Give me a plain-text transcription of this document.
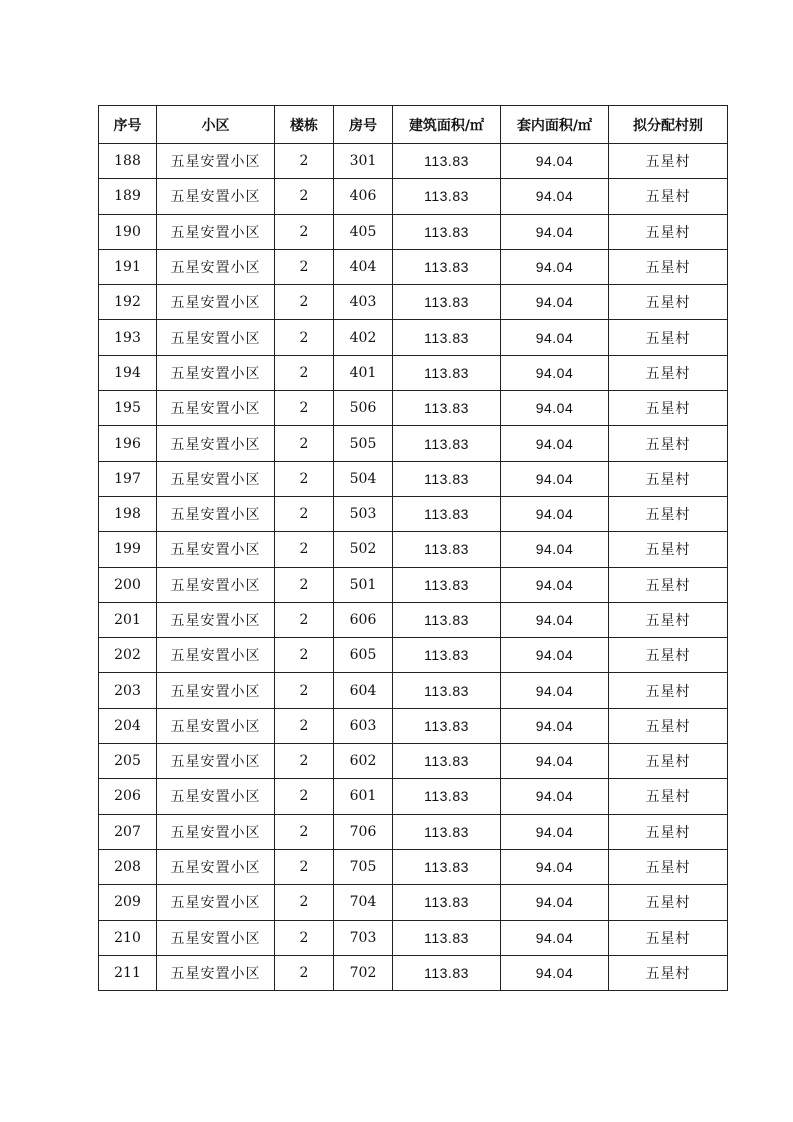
序号	小区	楼栋	房号	建筑面积/㎡	套内面积/㎡	拟分配村别
188	五星安置小区	2	301	113.83	94.04	五星村
189	五星安置小区	2	406	113.83	94.04	五星村
190	五星安置小区	2	405	113.83	94.04	五星村
191	五星安置小区	2	404	113.83	94.04	五星村
192	五星安置小区	2	403	113.83	94.04	五星村
193	五星安置小区	2	402	113.83	94.04	五星村
194	五星安置小区	2	401	113.83	94.04	五星村
195	五星安置小区	2	506	113.83	94.04	五星村
196	五星安置小区	2	505	113.83	94.04	五星村
197	五星安置小区	2	504	113.83	94.04	五星村
198	五星安置小区	2	503	113.83	94.04	五星村
199	五星安置小区	2	502	113.83	94.04	五星村
200	五星安置小区	2	501	113.83	94.04	五星村
201	五星安置小区	2	606	113.83	94.04	五星村
202	五星安置小区	2	605	113.83	94.04	五星村
203	五星安置小区	2	604	113.83	94.04	五星村
204	五星安置小区	2	603	113.83	94.04	五星村
205	五星安置小区	2	602	113.83	94.04	五星村
206	五星安置小区	2	601	113.83	94.04	五星村
207	五星安置小区	2	706	113.83	94.04	五星村
208	五星安置小区	2	705	113.83	94.04	五星村
209	五星安置小区	2	704	113.83	94.04	五星村
210	五星安置小区	2	703	113.83	94.04	五星村
211	五星安置小区	2	702	113.83	94.04	五星村
